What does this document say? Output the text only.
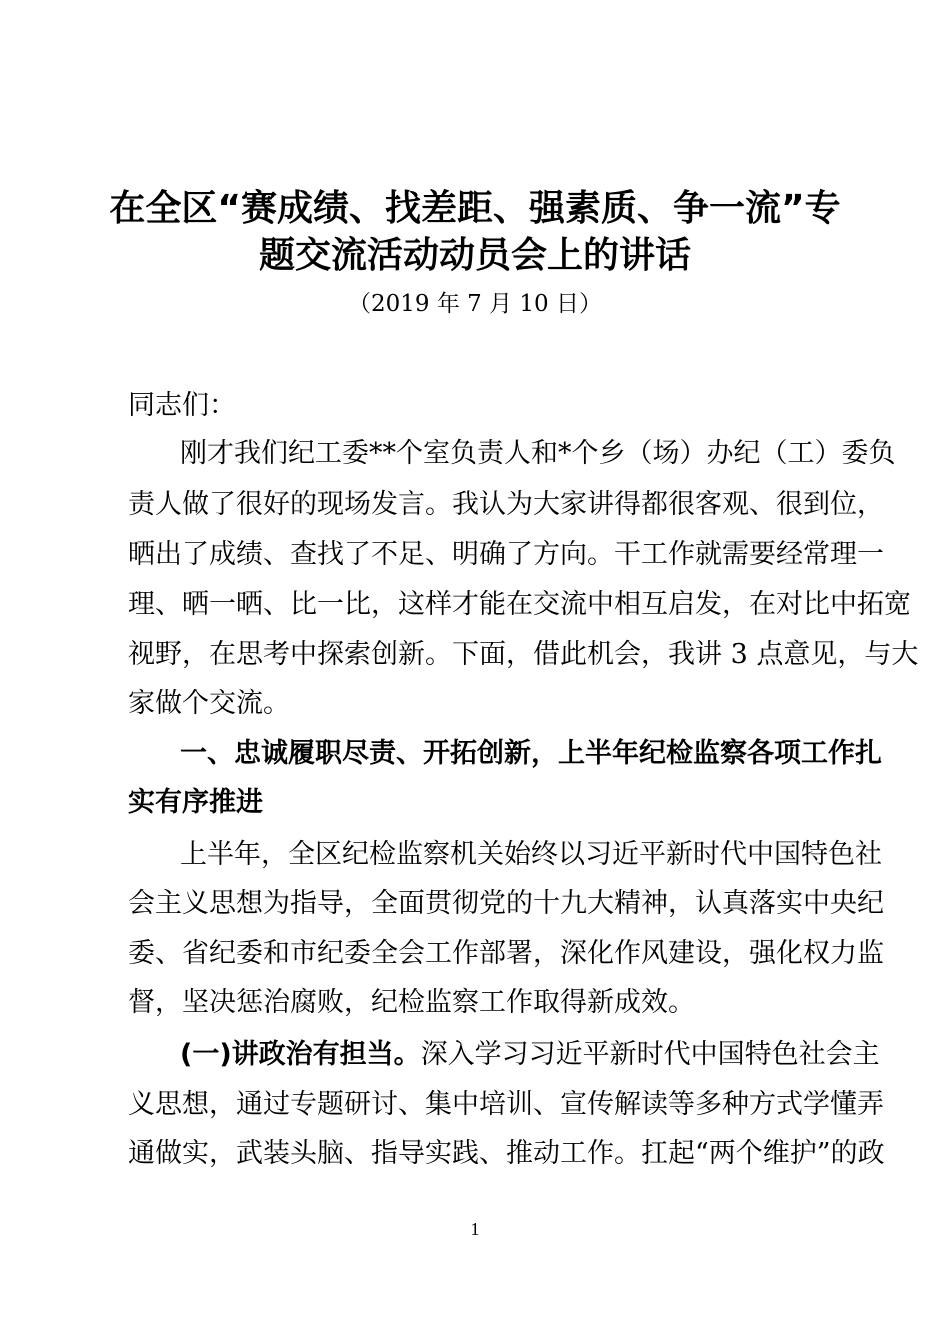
在全区“赛成绩、找差距、强素质、争一流”专
题交流活动动员会上的讲话
（2019 年 7 月 10 日）
同志们：
刚才我们纪工委**个室负责人和*个乡（场）办纪（工）委负
责人做了很好的现场发言。我认为大家讲得都很客观、很到位，
晒出了成绩、查找了不足、明确了方向。干工作就需要经常理一
理、晒一晒、比一比，这样才能在交流中相互启发，在对比中拓宽
视野，在思考中探索创新。下面，借此机会，我讲 3 点意见，与大
家做个交流。
一、忠诚履职尽责、开拓创新，上半年纪检监察各项工作扎
实有序推进
上半年，全区纪检监察机关始终以习近平新时代中国特色社
会主义思想为指导，全面贯彻党的十九大精神，认真落实中央纪
委、省纪委和市纪委全会工作部署，深化作风建设，强化权力监
督，坚决惩治腐败，纪检监察工作取得新成效。
(一)讲政治有担当。深入学习习近平新时代中国特色社会主
义思想，通过专题研讨、集中培训、宣传解读等多种方式学懂弄
通做实，武装头脑、指导实践、推动工作。扛起“两个维护”的政
1
